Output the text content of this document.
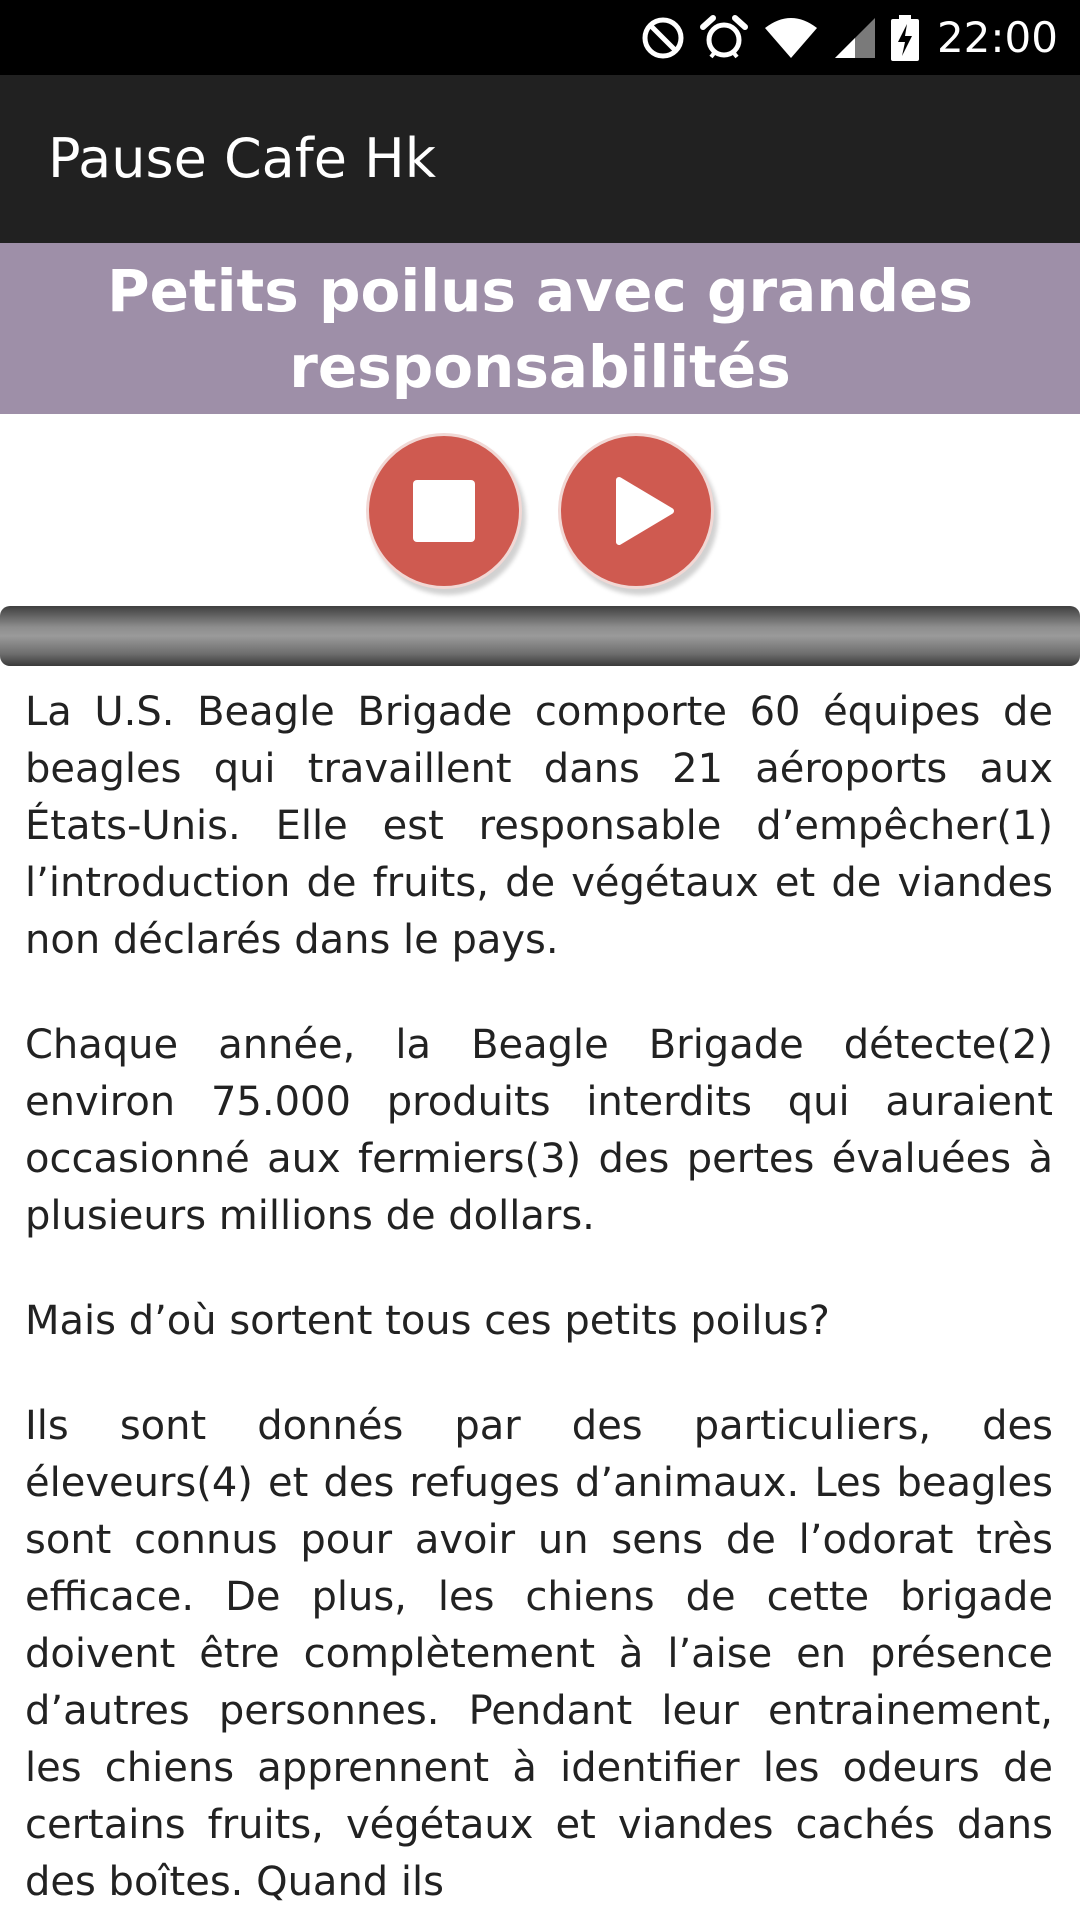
22:00
Pause Cafe Hk
Petits poilus avec grandes responsabilités

La U.S. Beagle Brigade comporte 60 équipes de beagles qui travaillent dans 21 aéroports aux États-Unis. Elle est responsable d’empêcher(1) l’introduction de fruits, de végétaux et de viandes non déclarés dans le pays.

Chaque année, la Beagle Brigade détecte(2) environ 75.000 produits interdits qui auraient occasionné aux fermiers(3) des pertes évaluées à plusieurs millions de dollars.

Mais d’où sortent tous ces petits poilus?

Ils sont donnés par des particuliers, des éleveurs(4) et des refuges d’animaux. Les beagles sont connus pour avoir un sens de l’odorat très efficace. De plus, les chiens de cette brigade doivent être complètement à l’aise en présence d’autres personnes. Pendant leur entrainement, les chiens apprennent à identifier les odeurs de certains fruits, végétaux et viandes cachés dans des boîtes. Quand ils
